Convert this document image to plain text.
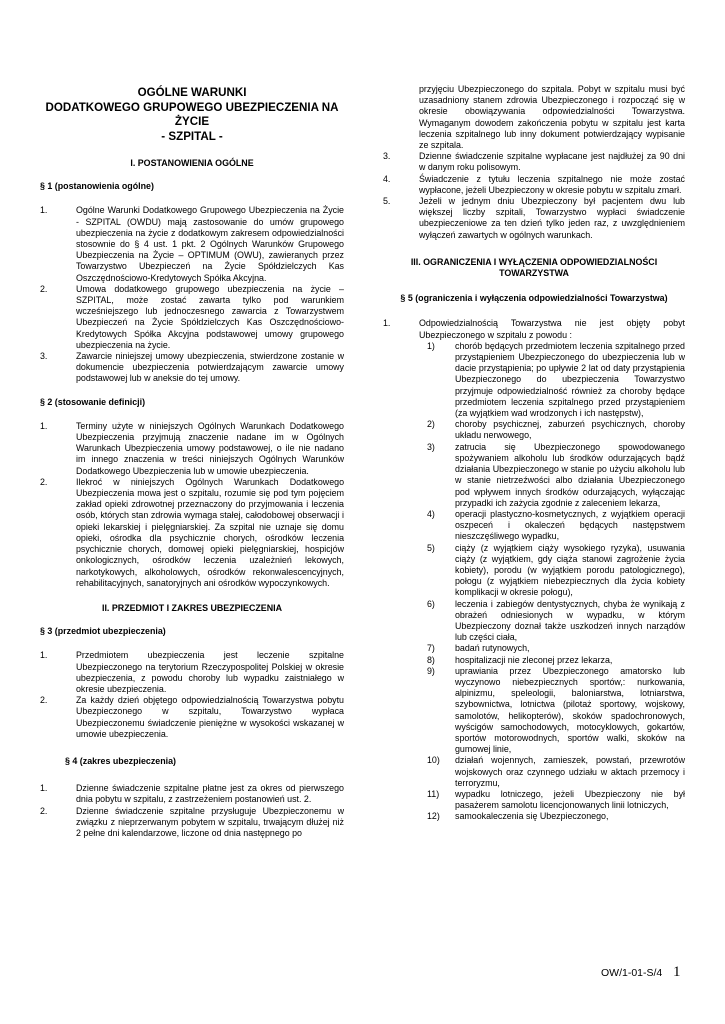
OGÓLNE WARUNKI
DODATKOWEGO GRUPOWEGO UBEZPIECZENIA NA
ŻYCIE
- SZPITAL -
I. POSTANOWIENIA OGÓLNE
§ 1 (postanowienia ogólne)
1.	Ogólne Warunki Dodatkowego Grupowego Ubezpieczenia na Życie - SZPITAL (OWDU) mają zastosowanie do umów grupowego ubezpieczenia na życie z dodatkowym zakresem odpowiedzialności stosownie do § 4 ust. 1 pkt. 2 Ogólnych Warunków Grupowego Ubezpieczenia na Życie – OPTIMUM (OWU), zawieranych przez Towarzystwo Ubezpieczeń na Życie Spółdzielczych Kas Oszczędnościowo-Kredytowych Spółka Akcyjna.
2.	Umowa dodatkowego grupowego ubezpieczenia na życie – SZPITAL, może zostać zawarta tylko pod warunkiem wcześniejszego lub jednoczesnego zawarcia z Towarzystwem Ubezpieczeń na Życie Spółdzielczych Kas Oszczędnościowo-Kredytowych Spółka Akcyjna podstawowej umowy grupowego ubezpieczenia na życie.
3.	Zawarcie niniejszej umowy ubezpieczenia, stwierdzone zostanie w dokumencie ubezpieczenia potwierdzającym zawarcie umowy podstawowej lub w aneksie do tej umowy.
§ 2 (stosowanie definicji)
1.	Terminy użyte w niniejszych Ogólnych Warunkach Dodatkowego Ubezpieczenia przyjmują znaczenie nadane im w Ogólnych Warunkach Ubezpieczenia umowy podstawowej, o ile nie nadano im innego znaczenia w treści niniejszych Ogólnych Warunków Dodatkowego Ubezpieczenia lub w umowie ubezpieczenia.
2.	Ilekroć w niniejszych Ogólnych Warunkach Dodatkowego Ubezpieczenia mowa jest o szpitalu, rozumie się pod tym pojęciem zakład opieki zdrowotnej przeznaczony do przyjmowania i leczenia osób, których stan zdrowia wymaga stałej, całodobowej obserwacji i opieki lekarskiej i pielęgniarskiej. Za szpital nie uznaje się domu opieki, ośrodka dla psychicznie chorych, ośrodków leczenia psychicznie chorych, domowej opieki pielęgniarskiej, hospicjów onkologicznych, ośrodków leczenia uzależnień lekowych, narkotykowych, alkoholowych, ośrodków rekonwalescencyjnych, rehabilitacyjnych, sanatoryjnych ani ośrodków wypoczynkowych.
II. PRZEDMIOT I ZAKRES UBEZPIECZENIA
§ 3 (przedmiot ubezpieczenia)
1.	Przedmiotem ubezpieczenia jest leczenie szpitalne Ubezpieczonego na terytorium Rzeczypospolitej Polskiej w okresie ubezpieczenia, z powodu choroby lub wypadku zaistniałego w okresie ubezpieczenia.
2.	Za każdy dzień objętego odpowiedzialnością Towarzystwa pobytu Ubezpieczonego w szpitalu, Towarzystwo wypłaca Ubezpieczonemu świadczenie pieniężne w wysokości wskazanej w umowie ubezpieczenia.
§ 4 (zakres ubezpieczenia)
1.	Dzienne świadczenie szpitalne płatne jest za okres od pierwszego dnia pobytu w szpitalu, z zastrzeżeniem postanowień ust. 2.
2.	Dzienne świadczenie szpitalne przysługuje Ubezpieczonemu w związku z nieprzerwanym pobytem w szpitalu, trwającym dłużej niż 2 pełne dni kalendarzowe, liczone od dnia następnego po
przyjęciu Ubezpieczonego do szpitala. Pobyt w szpitalu musi być uzasadniony stanem zdrowia Ubezpieczonego i rozpocząć się w okresie obowiązywania odpowiedzialności Towarzystwa. Wymaganym dowodem zakończenia pobytu w szpitalu jest karta leczenia szpitalnego lub inny dokument potwierdzający wypisanie ze szpitala.
3.	Dzienne świadczenie szpitalne wypłacane jest najdłużej za 90 dni w danym roku polisowym.
4.	Świadczenie z tytułu leczenia szpitalnego nie może zostać wypłacone, jeżeli Ubezpieczony w okresie pobytu w szpitalu zmarł.
5.	Jeżeli w jednym dniu Ubezpieczony był pacjentem dwu lub większej liczby szpitali, Towarzystwo wypłaci świadczenie ubezpieczeniowe za ten dzień tylko jeden raz, z uwzględnieniem wyłączeń zawartych w ogólnych warunkach.
III. OGRANICZENIA I WYŁĄCZENIA ODPOWIEDZIALNOŚCI
TOWARZYSTWA
§ 5 (ograniczenia i wyłączenia odpowiedzialności Towarzystwa)
1.	Odpowiedzialnością Towarzystwa nie jest objęty pobyt Ubezpieczonego w szpitalu z powodu :
1)	chorób będących przedmiotem leczenia szpitalnego przed przystąpieniem Ubezpieczonego do ubezpieczenia lub w dacie przystąpienia; po upływie 2 lat od daty przystąpienia Ubezpieczonego do ubezpieczenia Towarzystwo przyjmuje odpowiedzialność również za choroby będące przedmiotem leczenia szpitalnego przed przystąpieniem (za wyjątkiem wad wrodzonych i ich następstw),
2)	choroby psychicznej, zaburzeń psychicznych, choroby układu nerwowego,
3)	zatrucia się Ubezpieczonego spowodowanego spożywaniem alkoholu lub środków odurzających bądź działania Ubezpieczonego w stanie po użyciu alkoholu lub w stanie nietrzeźwości albo działania Ubezpieczonego pod wpływem innych środków odurzających, wyłączając przypadki ich zażycia zgodnie z zaleceniem lekarza,
4)	operacji plastyczno-kosmetycznych, z wyjątkiem operacji oszpeceń i okaleczeń będących następstwem nieszczęśliwego wypadku,
5)	ciąży (z wyjątkiem ciąży wysokiego ryzyka), usuwania ciąży (z wyjątkiem, gdy ciąża stanowi zagrożenie życia kobiety), porodu (w wyjątkiem porodu patologicznego), połogu (z wyjątkiem niebezpiecznych dla życia kobiety komplikacji w okresie połogu),
6)	leczenia i zabiegów dentystycznych, chyba że wynikają z obrażeń odniesionych w wypadku, w którym Ubezpieczony doznał także uszkodzeń innych narządów lub części ciała,
7)	badań rutynowych,
8)	hospitalizacji nie zleconej przez lekarza,
9)	uprawiania przez Ubezpieczonego amatorsko lub wyczynowo niebezpiecznych sportów,: nurkowania, alpinizmu, speleologii, baloniarstwa, lotniarstwa, szybownictwa, lotnictwa (pilotaż sportowy, wojskowy, samolotów, helikopterów), skoków spadochronowych, wyścigów samochodowych, motocyklowych, gokartów, sportów motorowodnych, sportów walki, skoków na gumowej linie,
10)	działań wojennych, zamieszek, powstań, przewrotów wojskowych oraz czynnego udziału w aktach przemocy i terroryzmu,
11)	wypadku lotniczego, jeżeli Ubezpieczony nie był pasażerem samolotu licencjonowanych linii lotniczych,
12)	samookaleczenia się Ubezpieczonego,
OW/1-01-S/4 1
